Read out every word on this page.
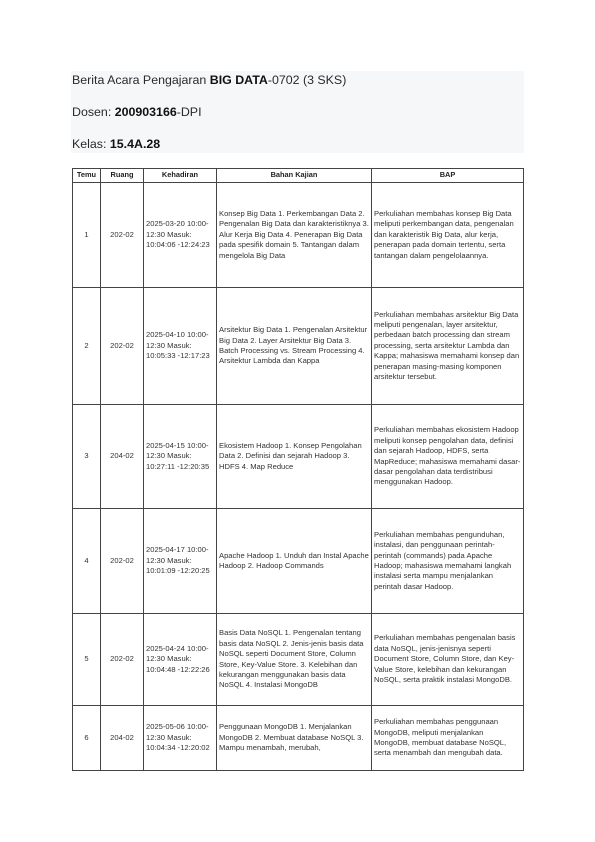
Berita Acara Pengajaran BIG DATA-0702 (3 SKS)
Dosen: 200903166-DPI
Kelas: 15.4A.28
Temu	Ruang	Kehadiran	Bahan Kajian	BAP
1	202-02	2025-03-20 10:00-12:30 Masuk: 10:04:06 -12:24:23	Konsep Big Data 1. Perkembangan Data 2. Pengenalan Big Data dan karakteristiknya 3. Alur Kerja Big Data 4. Penerapan Big Data pada spesifik domain 5. Tantangan dalam mengelola Big Data	Perkuliahan membahas konsep Big Data meliputi perkembangan data, pengenalan dan karakteristik Big Data, alur kerja, penerapan pada domain tertentu, serta tantangan dalam pengelolaannya.
2	202-02	2025-04-10 10:00-12:30 Masuk: 10:05:33 -12:17:23	Arsitektur Big Data 1. Pengenalan Arsitektur Big Data 2. Layer Arsitektur Big Data 3. Batch Processing vs. Stream Processing 4. Arsitektur Lambda dan Kappa	Perkuliahan membahas arsitektur Big Data meliputi pengenalan, layer arsitektur, perbedaan batch processing dan stream processing, serta arsitektur Lambda dan Kappa; mahasiswa memahami konsep dan penerapan masing-masing komponen arsitektur tersebut.
3	204-02	2025-04-15 10:00-12:30 Masuk: 10:27:11 -12:20:35	Ekosistem Hadoop 1. Konsep Pengolahan Data 2. Definisi dan sejarah Hadoop 3. HDFS 4. Map Reduce	Perkuliahan membahas ekosistem Hadoop meliputi konsep pengolahan data, definisi dan sejarah Hadoop, HDFS, serta MapReduce; mahasiswa memahami dasar-dasar pengolahan data terdistribusi menggunakan Hadoop.
4	202-02	2025-04-17 10:00-12:30 Masuk: 10:01:09 -12:20:25	Apache Hadoop 1. Unduh dan Instal Apache Hadoop 2. Hadoop Commands	Perkuliahan membahas pengunduhan, instalasi, dan penggunaan perintah-perintah (commands) pada Apache Hadoop; mahasiswa memahami langkah instalasi serta mampu menjalankan perintah dasar Hadoop.
5	202-02	2025-04-24 10:00-12:30 Masuk: 10:04:48 -12:22:26	Basis Data NoSQL 1. Pengenalan tentang basis data NoSQL 2. Jenis-jenis basis data NoSQL seperti Document Store, Column Store, Key-Value Store. 3. Kelebihan dan kekurangan menggunakan basis data NoSQL 4. Instalasi MongoDB	Perkuliahan membahas pengenalan basis data NoSQL, jenis-jenisnya seperti Document Store, Column Store, dan Key-Value Store, kelebihan dan kekurangan NoSQL, serta praktik instalasi MongoDB.
6	204-02	2025-05-06 10:00-12:30 Masuk: 10:04:34 -12:20:02	Penggunaan MongoDB 1. Menjalankan MongoDB 2. Membuat database NoSQL 3. Mampu menambah, merubah,	Perkuliahan membahas penggunaan MongoDB, meliputi menjalankan MongoDB, membuat database NoSQL, serta menambah dan mengubah data.
